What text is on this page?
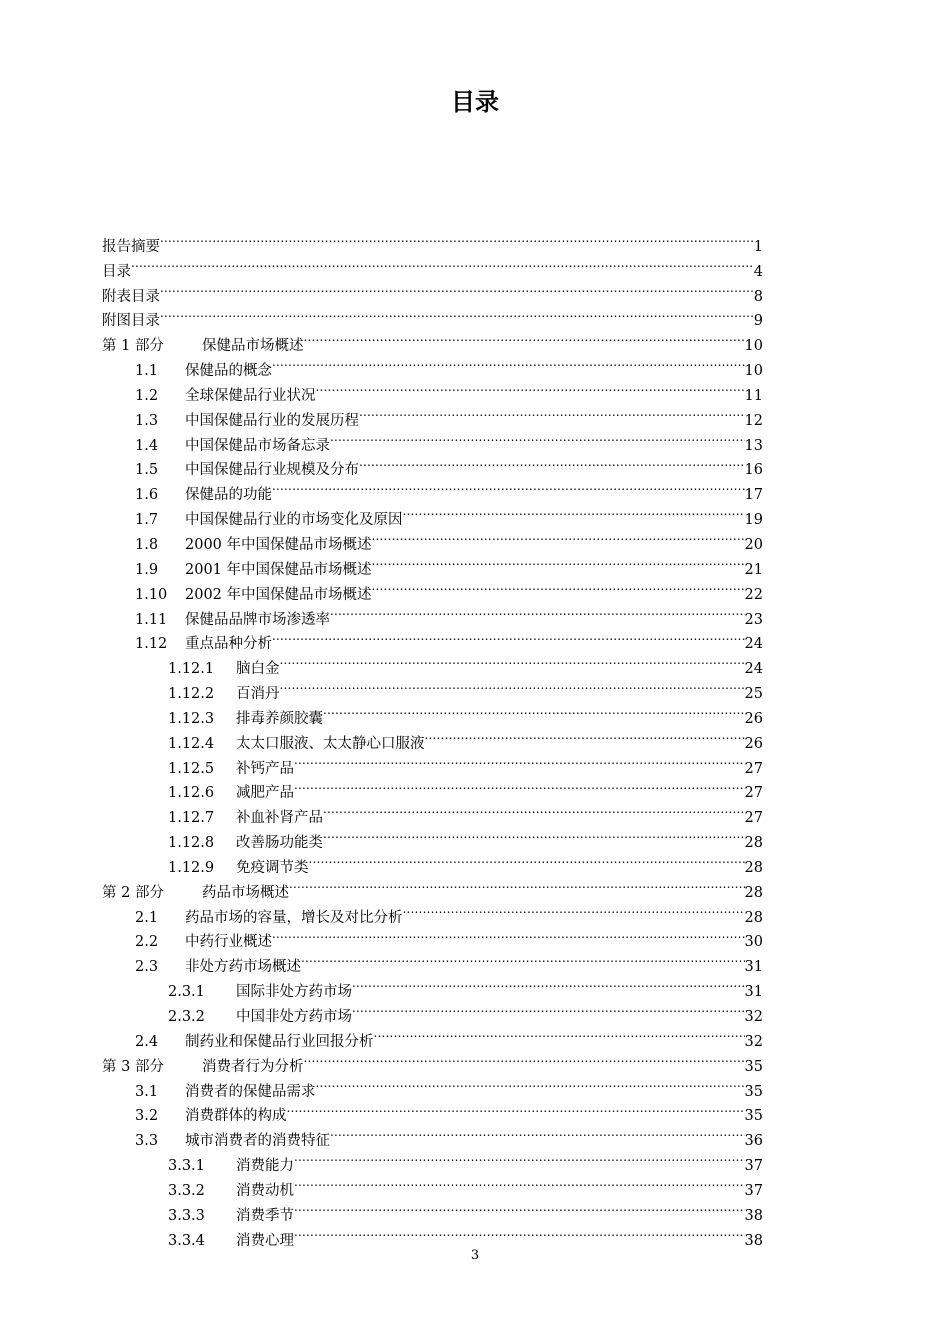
目录
报告摘要 .....	1
目录 .....	4
附表目录 .....	8
附图目录 .....	9
第 1 部分	保健品市场概述 .....	10
1.1	保健品的概念 .....	10
1.2	全球保健品行业状况 .....	11
1.3	中国保健品行业的发展历程 .....	12
1.4	中国保健品市场备忘录 .....	13
1.5	中国保健品行业规模及分布 .....	16
1.6	保健品的功能 .....	17
1.7	中国保健品行业的市场变化及原因 .....	19
1.8	2000 年中国保健品市场概述 .....	20
1.9	2001 年中国保健品市场概述 .....	21
1.10	2002 年中国保健品市场概述 .....	22
1.11	保健品品牌市场渗透率 .....	23
1.12	重点品种分析 .....	24
1.12.1	脑白金 .....	24
1.12.2	百消丹 .....	25
1.12.3	排毒养颜胶囊 .....	26
1.12.4	太太口服液、太太静心口服液 .....	26
1.12.5	补钙产品 .....	27
1.12.6	减肥产品 .....	27
1.12.7	补血补肾产品 .....	27
1.12.8	改善肠功能类 .....	28
1.12.9	免疫调节类 .....	28
第 2 部分	药品市场概述 .....	28
2.1	药品市场的容量，增长及对比分析 .....	28
2.2	中药行业概述 .....	30
2.3	非处方药市场概述 .....	31
2.3.1	国际非处方药市场 .....	31
2.3.2	中国非处方药市场 .....	32
2.4	制药业和保健品行业回报分析 .....	32
第 3 部分	消费者行为分析 .....	35
3.1	消费者的保健品需求 .....	35
3.2	消费群体的构成 .....	35
3.3	城市消费者的消费特征 .....	36
3.3.1	消费能力 .....	37
3.3.2	消费动机 .....	37
3.3.3	消费季节 .....	38
3.3.4	消费心理 .....	38
3
